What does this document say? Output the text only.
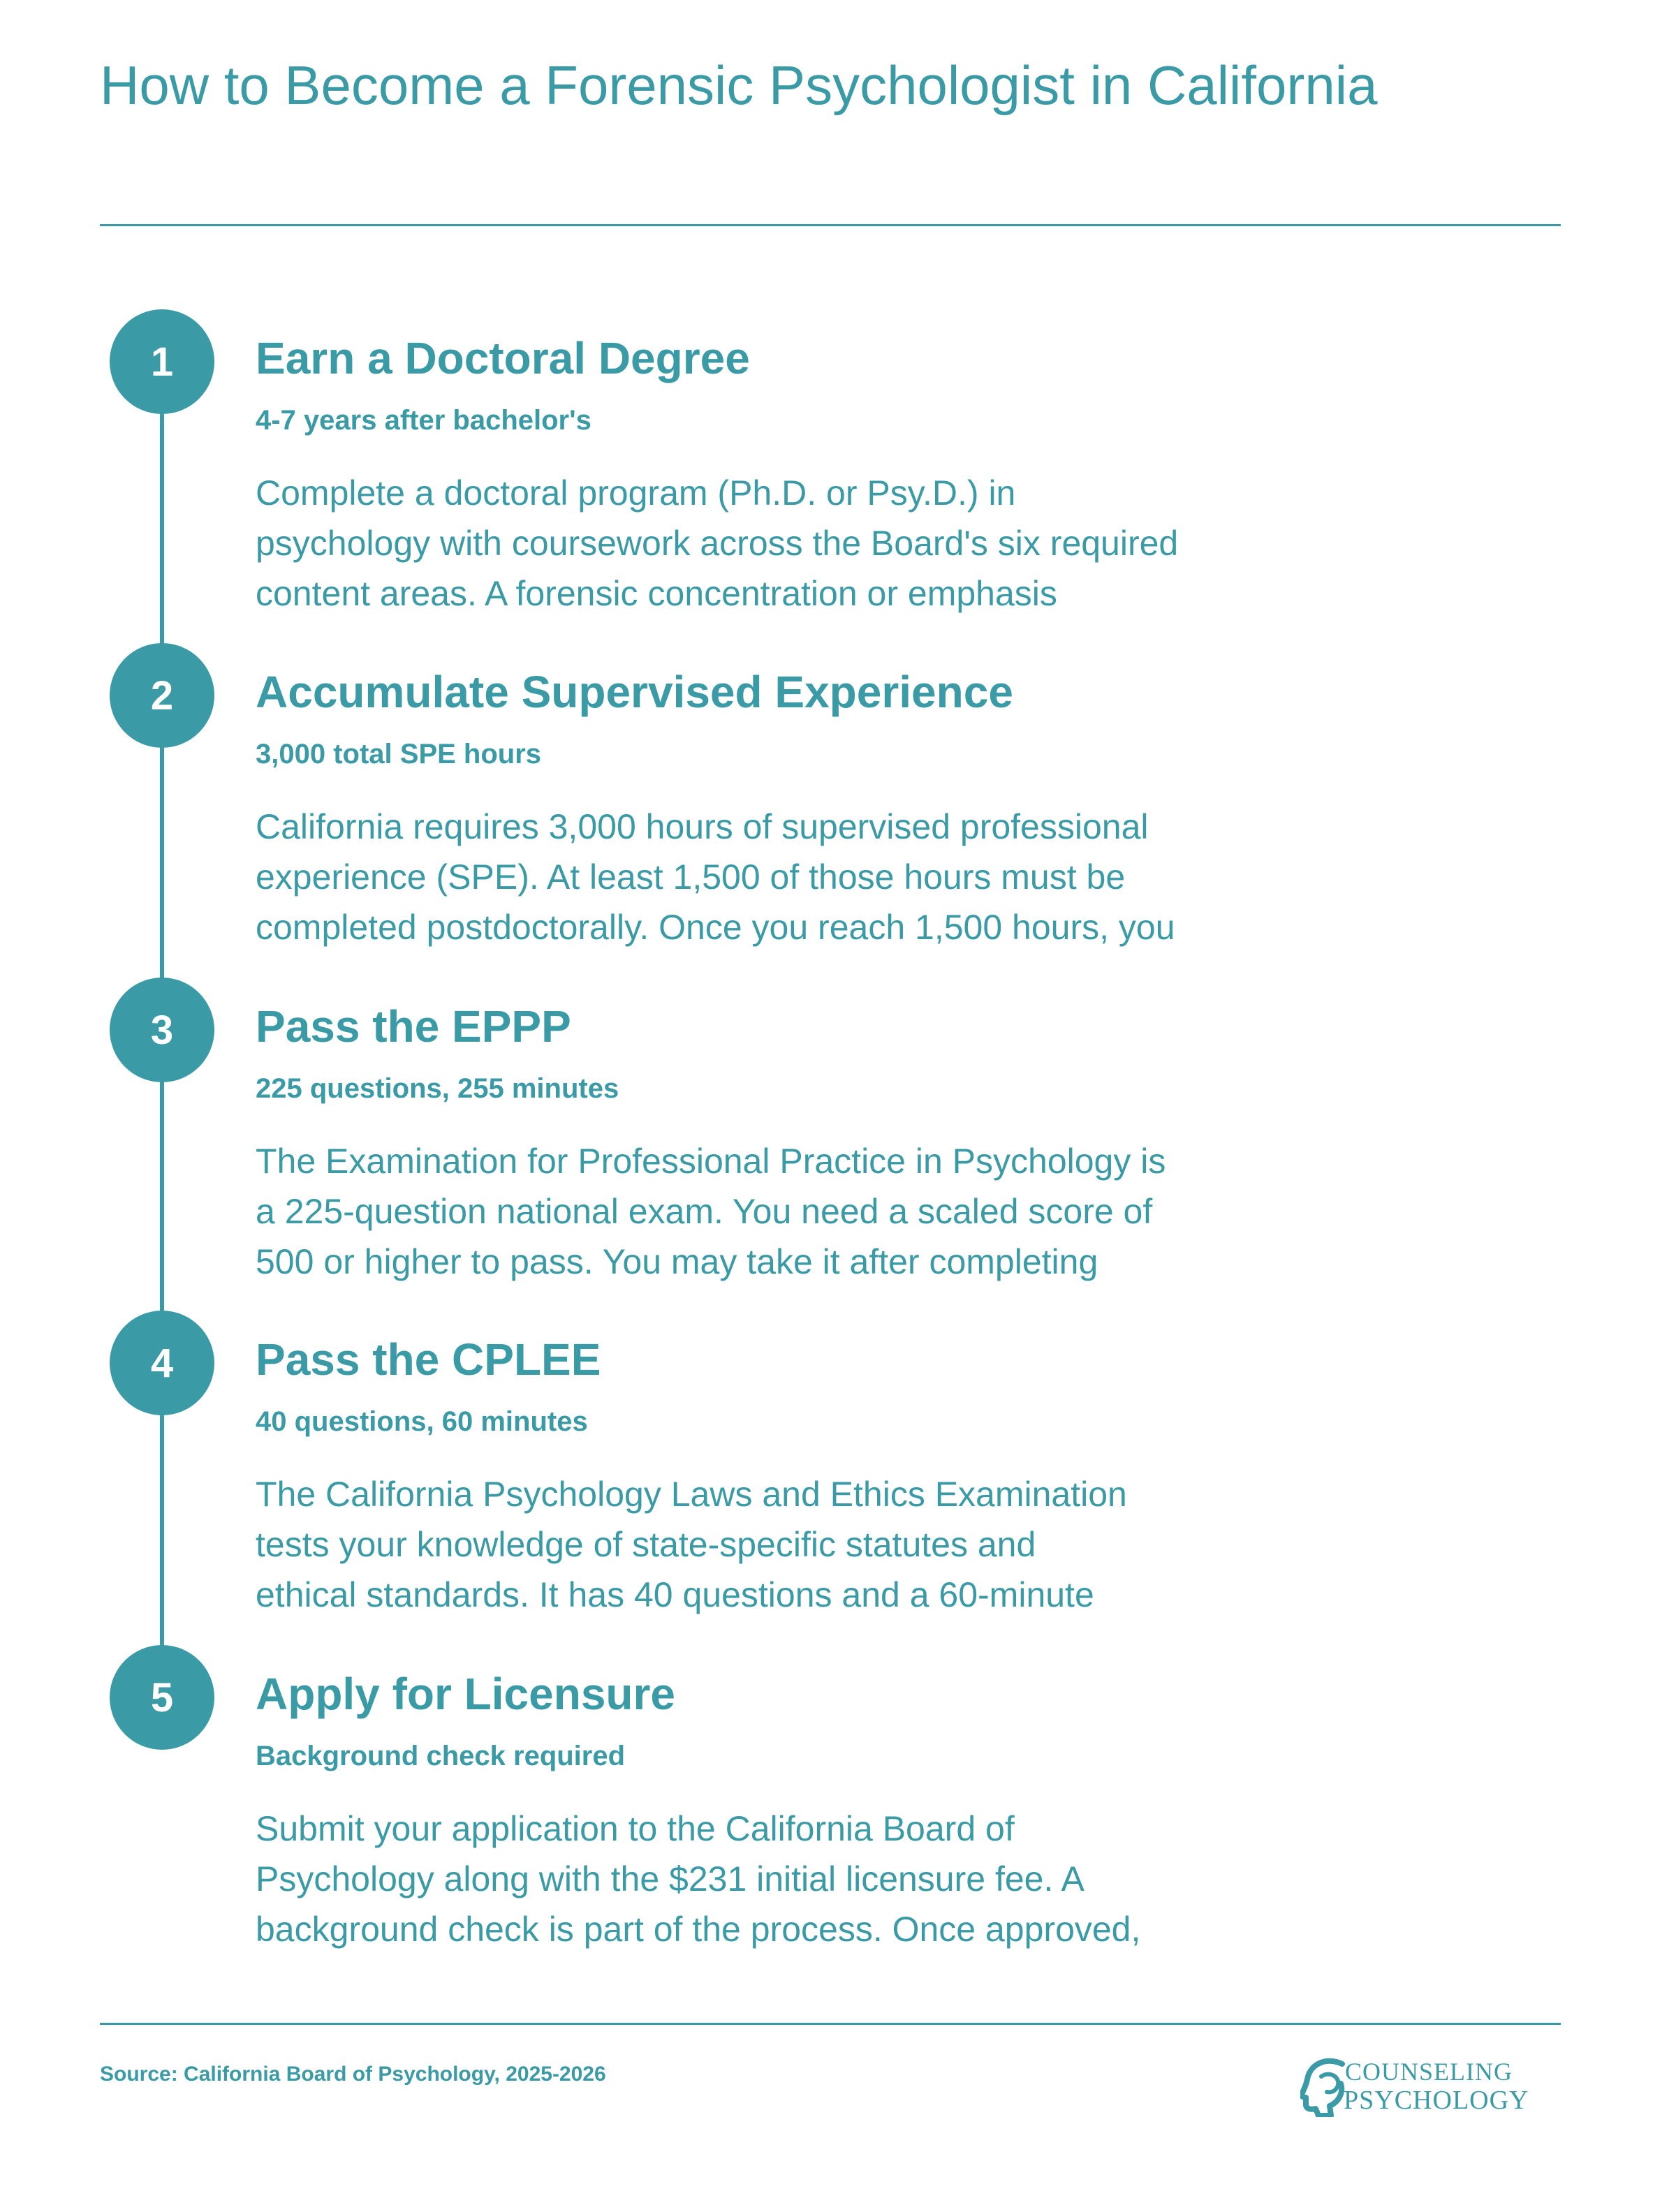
How to Become a Forensic Psychologist in California
1	Earn a Doctoral Degree
4-7 years after bachelor's
Complete a doctoral program (Ph.D. or Psy.D.) in
psychology with coursework across the Board's six required
content areas. A forensic concentration or emphasis
2	Accumulate Supervised Experience
3,000 total SPE hours
California requires 3,000 hours of supervised professional
experience (SPE). At least 1,500 of those hours must be
completed postdoctorally. Once you reach 1,500 hours, you
3	Pass the EPPP
225 questions, 255 minutes
The Examination for Professional Practice in Psychology is
a 225-question national exam. You need a scaled score of
500 or higher to pass. You may take it after completing
4	Pass the CPLEE
40 questions, 60 minutes
The California Psychology Laws and Ethics Examination
tests your knowledge of state-specific statutes and
ethical standards. It has 40 questions and a 60-minute
5	Apply for Licensure
Background check required
Submit your application to the California Board of
Psychology along with the $231 initial licensure fee. A
background check is part of the process. Once approved,
Source: California Board of Psychology, 2025-2026	COUNSELING
PSYCHOLOGY
